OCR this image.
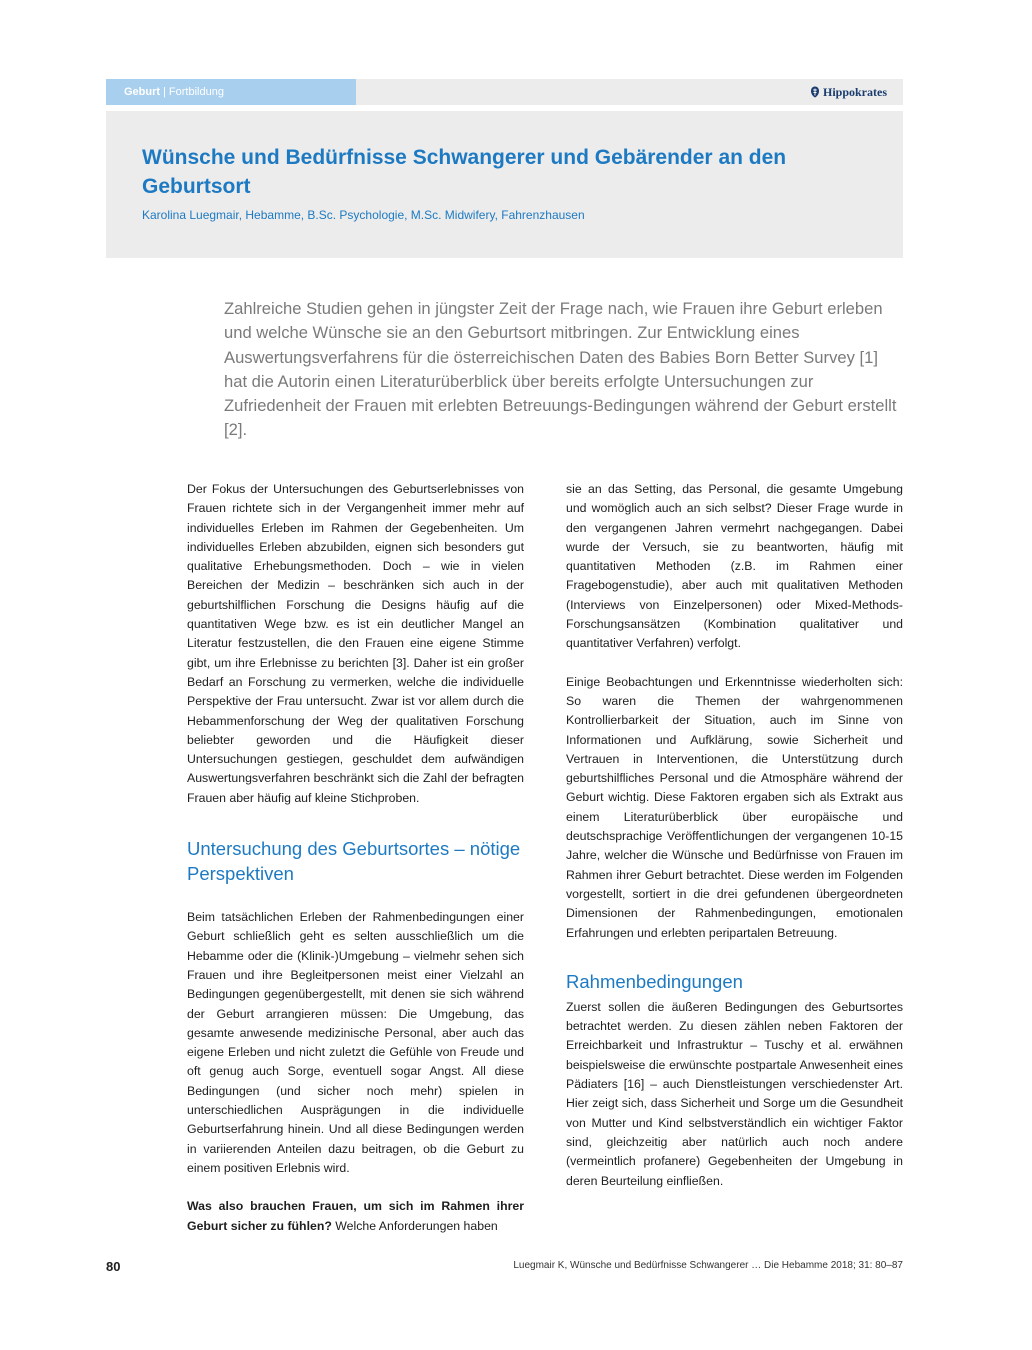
Geburt | Fortbildung	Hippokrates
Wünsche und Bedürfnisse Schwangerer und Gebärender an den Geburtsort
Karolina Luegmair, Hebamme, B.Sc. Psychologie, M.Sc. Midwifery, Fahrenzhausen

Zahlreiche Studien gehen in jüngster Zeit der Frage nach, wie Frauen ihre Geburt erleben und welche Wünsche sie an den Geburtsort mitbringen. Zur Entwicklung eines Auswertungsverfahrens für die österreichischen Daten des Babies Born Better Survey [1] hat die Autorin einen Literaturüberblick über bereits erfolgte Untersuchungen zur Zufriedenheit der Frauen mit erlebten Betreuungs-Bedingungen während der Geburt erstellt [2].

Der Fokus der Untersuchungen des Geburtserlebnisses von Frauen richtete sich in der Vergangenheit immer mehr auf individuelles Erleben im Rahmen der Gegebenheiten. Um individuelles Erleben abzubilden, eignen sich besonders gut qualitative Erhebungsmethoden. Doch – wie in vielen Bereichen der Medizin – beschränken sich auch in der geburtshilflichen Forschung die Designs häufig auf die quantitativen Wege bzw. es ist ein deutlicher Mangel an Literatur festzustellen, die den Frauen eine eigene Stimme gibt, um ihre Erlebnisse zu berichten [3]. Daher ist ein großer Bedarf an Forschung zu vermerken, welche die individuelle Perspektive der Frau untersucht. Zwar ist vor allem durch die Hebammenforschung der Weg der qualitativen Forschung beliebter geworden und die Häufigkeit dieser Untersuchungen gestiegen, geschuldet dem aufwändigen Auswertungsverfahren beschränkt sich die Zahl der befragten Frauen aber häufig auf kleine Stichproben.

Untersuchung des Geburtsortes – nötige Perspektiven

Beim tatsächlichen Erleben der Rahmenbedingungen einer Geburt schließlich geht es selten ausschließlich um die Hebamme oder die (Klinik-)Umgebung – vielmehr sehen sich Frauen und ihre Begleitpersonen meist einer Vielzahl an Bedingungen gegenübergestellt, mit denen sie sich während der Geburt arrangieren müssen: Die Umgebung, das gesamte anwesende medizinische Personal, aber auch das eigene Erleben und nicht zuletzt die Gefühle von Freude und oft genug auch Sorge, eventuell sogar Angst. All diese Bedingungen (und sicher noch mehr) spielen in unterschiedlichen Ausprägungen in die individuelle Geburtserfahrung hinein. Und all diese Bedingungen werden in variierenden Anteilen dazu beitragen, ob die Geburt zu einem positiven Erlebnis wird.

Was also brauchen Frauen, um sich im Rahmen ihrer Geburt sicher zu fühlen? Welche Anforderungen haben

sie an das Setting, das Personal, die gesamte Umgebung und womöglich auch an sich selbst? Dieser Frage wurde in den vergangenen Jahren vermehrt nachgegangen. Dabei wurde der Versuch, sie zu beantworten, häufig mit quantitativen Methoden (z.B. im Rahmen einer Fragebogenstudie), aber auch mit qualitativen Methoden (Interviews von Einzelpersonen) oder Mixed-Methods-Forschungsansätzen (Kombination qualitativer und quantitativer Verfahren) verfolgt.

Einige Beobachtungen und Erkenntnisse wiederholten sich: So waren die Themen der wahrgenommenen Kontrollierbarkeit der Situation, auch im Sinne von Informationen und Aufklärung, sowie Sicherheit und Vertrauen in Interventionen, die Unterstützung durch geburtshilfliches Personal und die Atmosphäre während der Geburt wichtig. Diese Faktoren ergaben sich als Extrakt aus einem Literaturüberblick über europäische und deutschsprachige Veröffentlichungen der vergangenen 10-15 Jahre, welcher die Wünsche und Bedürfnisse von Frauen im Rahmen ihrer Geburt betrachtet. Diese werden im Folgenden vorgestellt, sortiert in die drei gefundenen übergeordneten Dimensionen der Rahmenbedingungen, emotionalen Erfahrungen und erlebten peripartalen Betreuung.

Rahmenbedingungen

Zuerst sollen die äußeren Bedingungen des Geburtsortes betrachtet werden. Zu diesen zählen neben Faktoren der Erreichbarkeit und Infrastruktur – Tuschy et al. erwähnen beispielsweise die erwünschte postpartale Anwesenheit eines Pädiaters [16] – auch Dienstleistungen verschiedenster Art. Hier zeigt sich, dass Sicherheit und Sorge um die Gesundheit von Mutter und Kind selbstverständlich ein wichtiger Faktor sind, gleichzeitig aber natürlich auch noch andere (vermeintlich profanere) Gegebenheiten der Umgebung in deren Beurteilung einfließen.

80	Luegmair K, Wünsche und Bedürfnisse Schwangerer … Die Hebamme 2018; 31: 80–87
